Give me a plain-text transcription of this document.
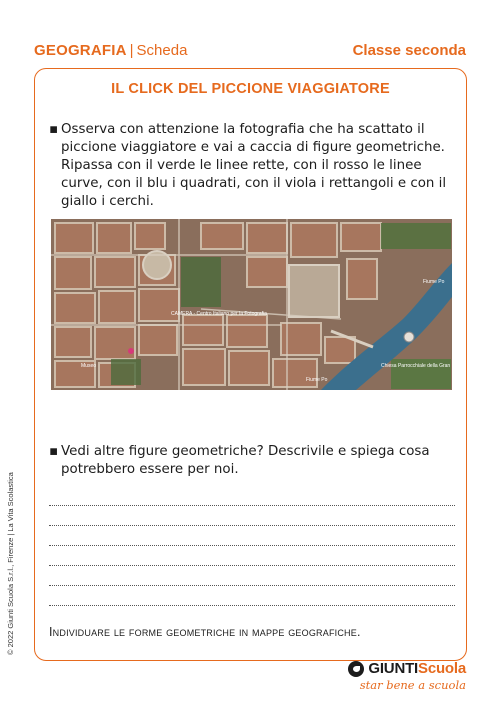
GEOGRAFIA | Scheda	Classe seconda
IL CLICK DEL PICCIONE VIAGGIATORE
▪ Osserva con attenzione la fotografia che ha scattato il piccione viaggiatore e vai a caccia di figure geometriche. Ripassa con il verde le linee rette, con il rosso le linee curve, con il blu i quadrati, con il viola i rettangoli e con il giallo i cerchi.
CAMERA - Centro Italiano per la Fotografia
Chiesa Parrocchiale della Gran Madre di Dio
Fiume Po
Fiume Po
Museo
▪ Vedi altre figure geometriche? Descrivile e spiega cosa potrebbero essere per noi.
Individuare le forme geometriche in mappe geografiche.
© 2022 Giunti Scuola S.r.l., Firenze | La Vita Scolastica
GIUNTI Scuola
star bene a scuola
